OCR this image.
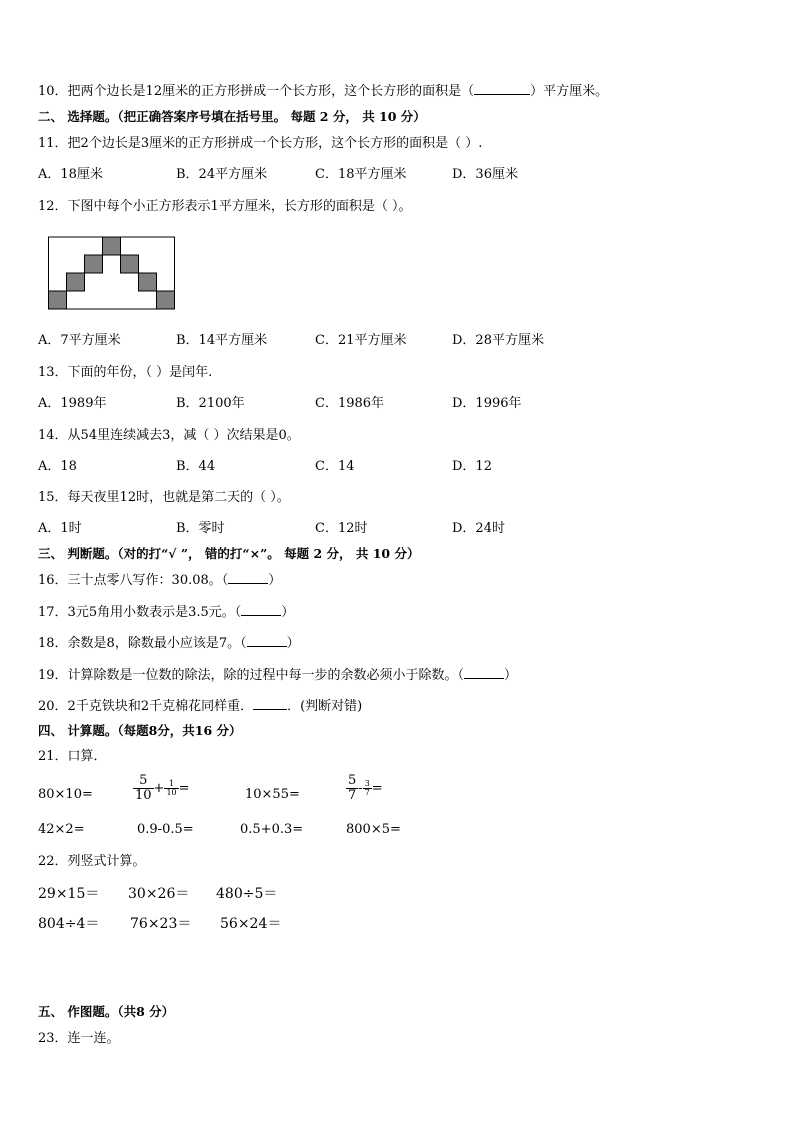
10．把两个边长是12厘米的正方形拼成一个长方形，这个长方形的面积是（	）平方厘米。
二、 选择题。（把正确答案序号填在括号里。 每题 2 分， 共 10 分）
11．把2个边长是3厘米的正方形拼成一个长方形，这个长方形的面积是（ ）.
A．18厘米	B．24平方厘米	C．18平方厘米	D．36厘米
12．下图中每个小正方形表示1平方厘米，长方形的面积是（ ）。
A．7平方厘米	B．14平方厘米	C．21平方厘米	D．28平方厘米
13．下面的年份，（ ）是闰年.
A．1989年	B．2100年	C．1986年	D．1996年
14．从54里连续减去3，减（ ）次结果是0。
A．18	B．44	C．14	D．12
15．每天夜里12时，也就是第二天的（ ）。
A．1时	B．零时	C．12时	D．24时
三、 判断题。（对的打“√ ”， 错的打“×”。 每题 2 分， 共 10 分）
16．三十点零八写作：30.08。（	）
17．3元5角用小数表示是3.5元。（	）
18．余数是8，除数最小应该是7。（	）
19．计算除数是一位数的除法，除的过程中每一步的余数必须小于除数。（	）
20．2千克铁块和2千克棉花同样重．	．(判断对错)
四、 计算题。（每题8分，共16 分）
21．口算．
80×10=	$\frac{5}{10} + \frac{1}{10}$ =	10×55=	$\frac{5}{7} - \frac{3}{7}$ =
42×2=	0.9-0.5=	0.5+0.3=	800×5=
22．列竖式计算。
29×15＝ 30×26＝ 480÷5＝
804÷4＝ 76×23＝ 56×24＝
五、 作图题。（共8 分）
23．连一连。
